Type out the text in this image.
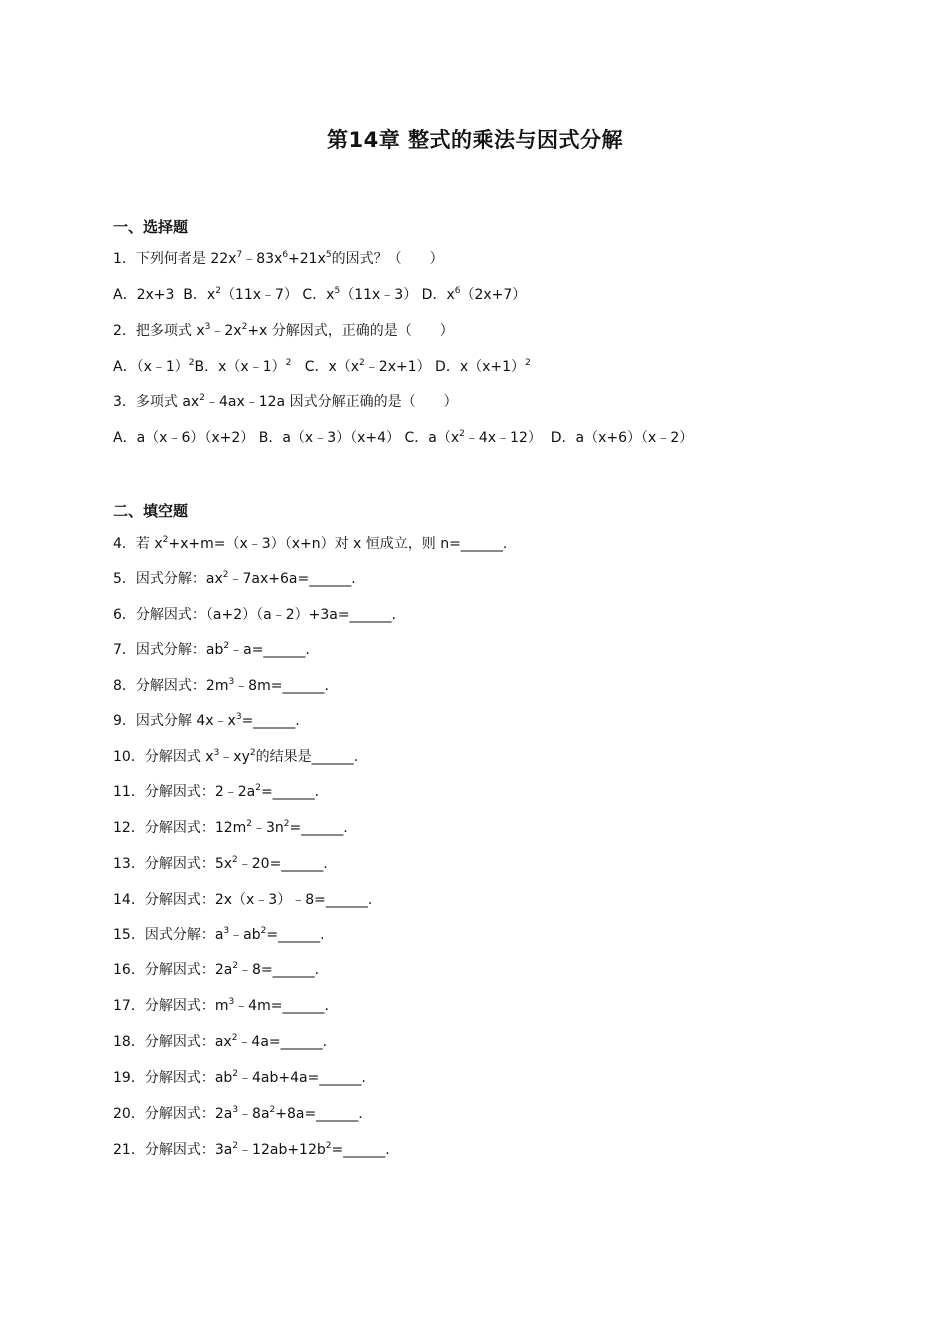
第14章 整式的乘法与因式分解
一、选择题
1．下列何者是 $22x^7﹣83x^6+21x^5$的因式？（　　）
A．2x+3  B．$x^2(11x﹣7)$ C．$x^5(11x﹣3)$ D．$x^6(2x+7)$
2．把多项式 $x^3﹣2x^2+x$ 分解因式，正确的是（　　）
A．（x﹣1）$^2$B．x（x﹣1）$^2$   C．$x(x^2﹣2x+1)$ D．$x(x+1)^2$
3．多项式 $ax^2﹣4ax﹣12a$ 因式分解正确的是（　　）
A．a（x﹣6）（x+2） B．a（x﹣3）（x+4） C．$a(x^2﹣4x﹣12)$  D．a（x+6）（x﹣2）
二、填空题
4．若 $x^2+x+m=(x﹣3)(x+n)$对 x 恒成立，则 n=______.
5．因式分解：$ax^2﹣7ax+6a=\_\_\_\_\_\_$.
6．分解因式：（a+2）（a﹣2）+3a=______.
7．因式分解：$ab^2﹣a=\_\_\_\_\_\_$.
8．分解因式：$2m^3﹣8m=\_\_\_\_\_\_$.
9．因式分解 $4x﹣x^3=\_\_\_\_\_\_$.
10．分解因式 $x^3﹣xy^2$的结果是______.
11．分解因式：$2﹣2a^2=\_\_\_\_\_\_$.
12．分解因式：$12m^2﹣3n^2=\_\_\_\_\_\_$.
13．分解因式：$5x^2﹣20=\_\_\_\_\_\_$.
14．分解因式：2x（x﹣3）﹣8=______.
15．因式分解：$a^3﹣ab^2=\_\_\_\_\_\_$.
16．分解因式：$2a^2﹣8=\_\_\_\_\_\_$.
17．分解因式：$m^3﹣4m=\_\_\_\_\_\_$.
18．分解因式：$ax^2﹣4a=\_\_\_\_\_\_$.
19．分解因式：$ab^2﹣4ab+4a=\_\_\_\_\_\_$.
20．分解因式：$2a^3﹣8a^2+8a=\_\_\_\_\_\_$.
21．分解因式：$3a^2﹣12ab+12b^2=\_\_\_\_\_\_$.
